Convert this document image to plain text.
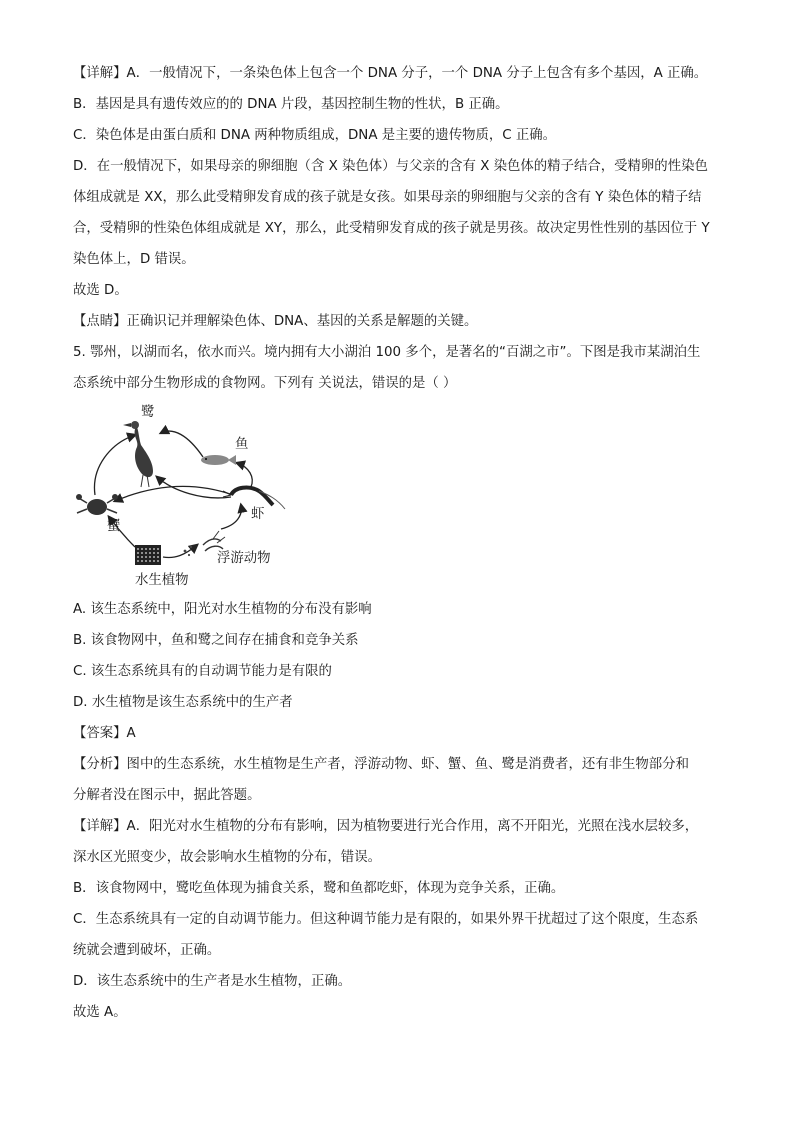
【详解】A．一般情况下，一条染色体上包含一个 DNA 分子，一个 DNA 分子上包含有多个基因，A 正确。

B．基因是具有遗传效应的的 DNA 片段，基因控制生物的性状，B 正确。

C．染色体是由蛋白质和 DNA 两种物质组成，DNA 是主要的遗传物质，C 正确。

D．在一般情况下，如果母亲的卵细胞（含 X 染色体）与父亲的含有 X 染色体的精子结合，受精卵的性染色

体组成就是 XX，那么此受精卵发育成的孩子就是女孩。如果母亲的卵细胞与父亲的含有 Y 染色体的精子结

合，受精卵的性染色体组成就是 XY，那么，此受精卵发育成的孩子就是男孩。故决定男性性别的基因位于 Y

染色体上，D 错误。

故选 D。

【点睛】正确识记并理解染色体、DNA、基因的关系是解题的关键。

5. 鄂州，以湖而名，依水而兴。境内拥有大小湖泊 100 多个，是著名的“百湖之市”。下图是我市某湖泊生

态系统中部分生物形成的食物网。下列有 关说法，错误的是（ ）

鹭
鱼
虾
蟹
浮游动物
水生植物

A. 该生态系统中，阳光对水生植物的分布没有影响

B. 该食物网中，鱼和鹭之间存在捕食和竞争关系

C. 该生态系统具有的自动调节能力是有限的

D. 水生植物是该生态系统中的生产者

【答案】A

【分析】图中的生态系统，水生植物是生产者，浮游动物、虾、蟹、鱼、鹭是消费者，还有非生物部分和

分解者没在图示中，据此答题。

【详解】A．阳光对水生植物的分布有影响，因为植物要进行光合作用，离不开阳光，光照在浅水层较多，

深水区光照变少，故会影响水生植物的分布，错误。

B．该食物网中，鹭吃鱼体现为捕食关系，鹭和鱼都吃虾，体现为竞争关系，正确。

C．生态系统具有一定的自动调节能力。但这种调节能力是有限的，如果外界干扰超过了这个限度，生态系

统就会遭到破坏，正确。

D．该生态系统中的生产者是水生植物，正确。

故选 A。
